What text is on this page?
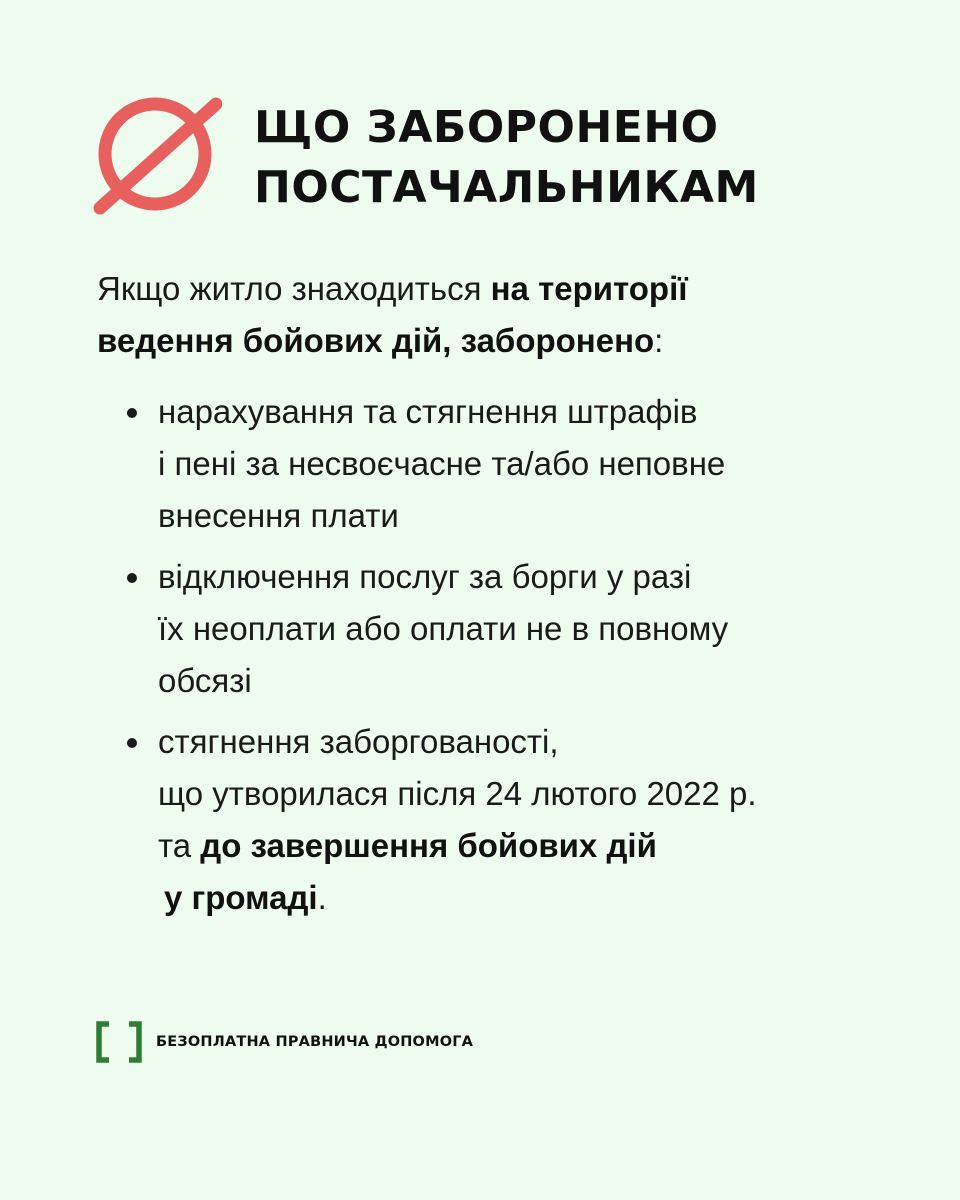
ЩО ЗАБОРОНЕНО
ПОСТАЧАЛЬНИКАМ

Якщо житло знаходиться на території
ведення бойових дій, заборонено:

нарахування та стягнення штрафів
і пені за несвоєчасне та/або неповне
внесення плати
відключення послуг за борги у разі
їх неоплати або оплати не в повному
обсязі
стягнення заборгованості,
що утворилася після 24 лютого 2022 р.
та до завершення бойових дій
у громаді.
БЕЗОПЛАТНА ПРАВНИЧА ДОПОМОГА
